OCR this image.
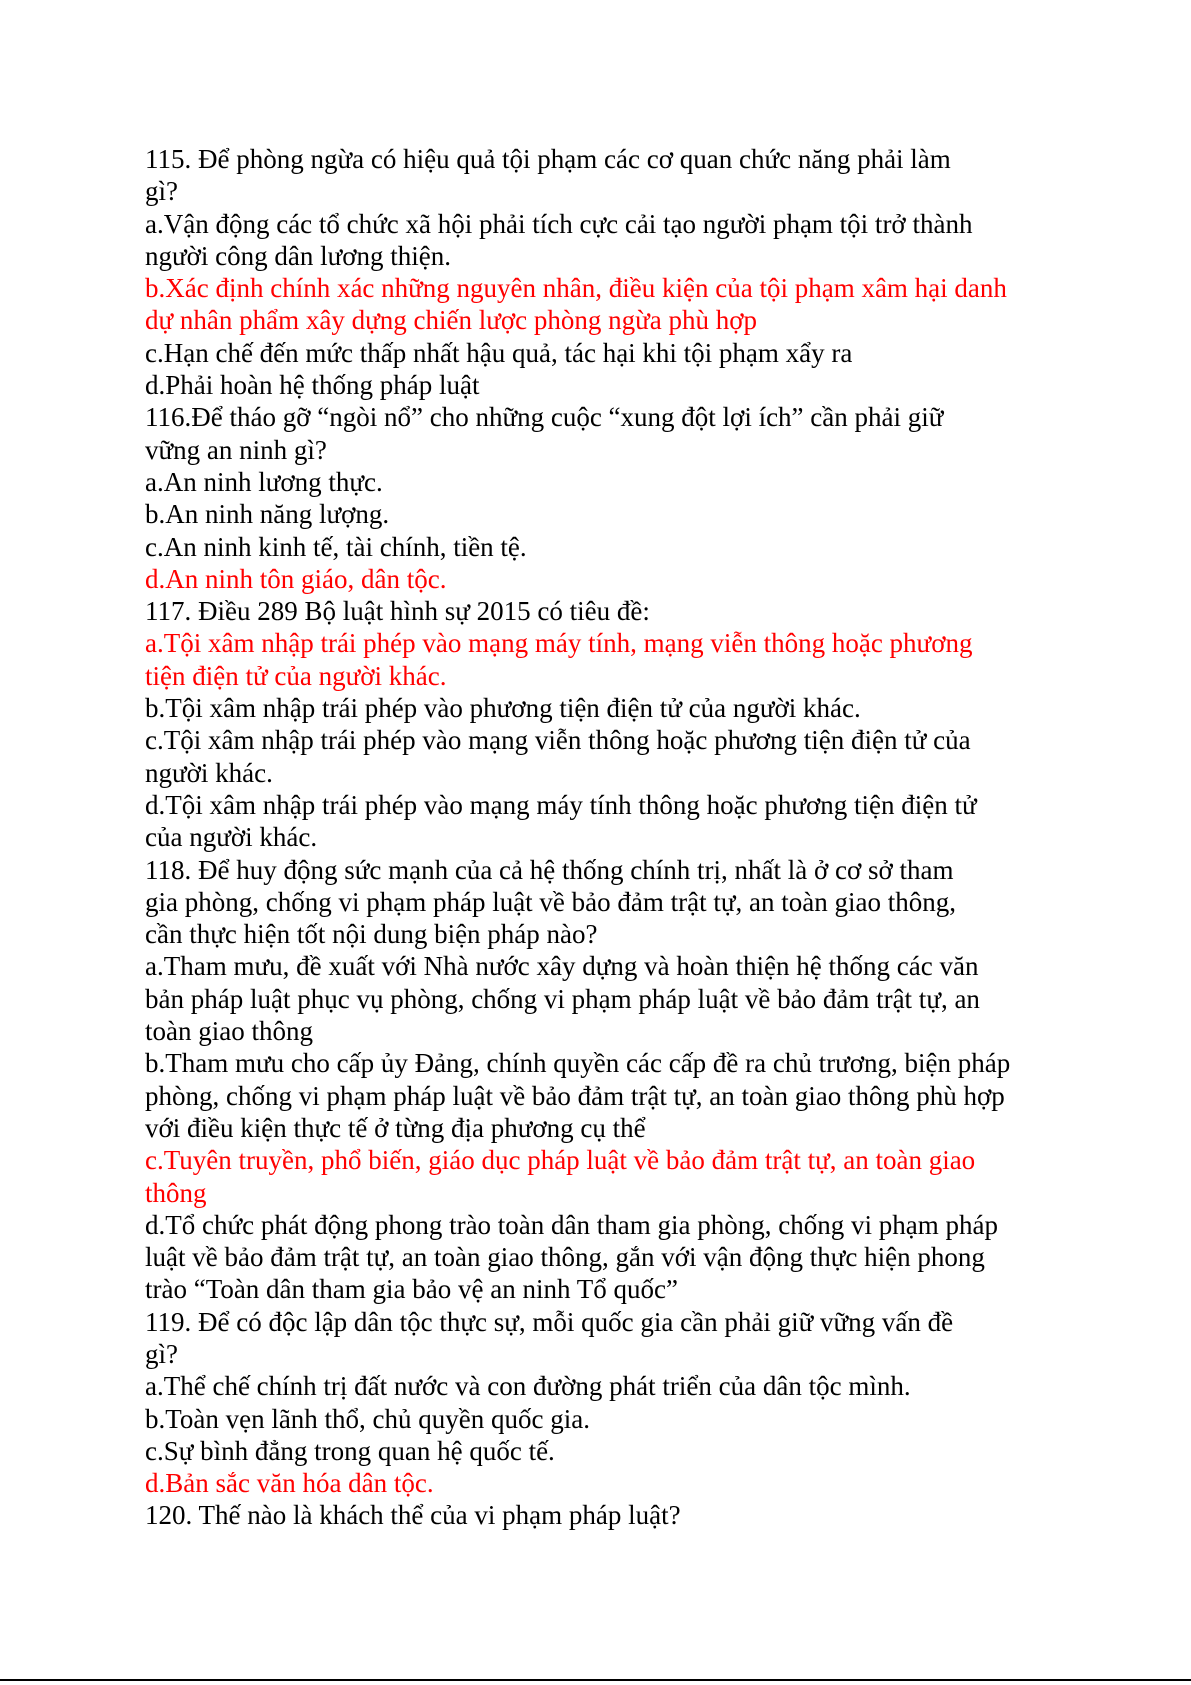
115. Để phòng ngừa có hiệu quả tội phạm các cơ quan chức năng phải làm

gì?

a.Vận động các tổ chức xã hội phải tích cực cải tạo người phạm tội trở thành

người công dân lương thiện.

b.Xác định chính xác những nguyên nhân, điều kiện của tội phạm xâm hại danh

dự nhân phẩm xây dựng chiến lược phòng ngừa phù hợp

c.Hạn chế đến mức thấp nhất hậu quả, tác hại khi tội phạm xẩy ra

d.Phải hoàn hệ thống pháp luật

116.Để tháo gỡ “ngòi nổ” cho những cuộc “xung đột lợi ích” cần phải giữ

vững an ninh gì?

a.An ninh lương thực.

b.An ninh năng lượng.

c.An ninh kinh tế, tài chính, tiền tệ.

d.An ninh tôn giáo, dân tộc.

117. Điều 289 Bộ luật hình sự 2015 có tiêu đề:

a.Tội xâm nhập trái phép vào mạng máy tính, mạng viễn thông hoặc phương

tiện điện tử của người khác.

b.Tội xâm nhập trái phép vào phương tiện điện tử của người khác.

c.Tội xâm nhập trái phép vào mạng viễn thông hoặc phương tiện điện tử của

người khác.

d.Tội xâm nhập trái phép vào mạng máy tính thông hoặc phương tiện điện tử

của người khác.

118. Để huy động sức mạnh của cả hệ thống chính trị, nhất là ở cơ sở tham

gia phòng, chống vi phạm pháp luật về bảo đảm trật tự, an toàn giao thông,

cần thực hiện tốt nội dung biện pháp nào?

a.Tham mưu, đề xuất với Nhà nước xây dựng và hoàn thiện hệ thống các văn

bản pháp luật phục vụ phòng, chống vi phạm pháp luật về bảo đảm trật tự, an

toàn giao thông

b.Tham mưu cho cấp ủy Đảng, chính quyền các cấp đề ra chủ trương, biện pháp

phòng, chống vi phạm pháp luật về bảo đảm trật tự, an toàn giao thông phù hợp

với điều kiện thực tế ở từng địa phương cụ thể

c.Tuyên truyền, phổ biến, giáo dục pháp luật về bảo đảm trật tự, an toàn giao

thông

d.Tổ chức phát động phong trào toàn dân tham gia phòng, chống vi phạm pháp

luật về bảo đảm trật tự, an toàn giao thông, gắn với vận động thực hiện phong

trào “Toàn dân tham gia bảo vệ an ninh Tổ quốc”

119. Để có độc lập dân tộc thực sự, mỗi quốc gia cần phải giữ vững vấn đề

gì?

a.Thể chế chính trị đất nước và con đường phát triển của dân tộc mình.

b.Toàn vẹn lãnh thổ, chủ quyền quốc gia.

c.Sự bình đẳng trong quan hệ quốc tế.

d.Bản sắc văn hóa dân tộc.

120. Thế nào là khách thể của vi phạm pháp luật?
